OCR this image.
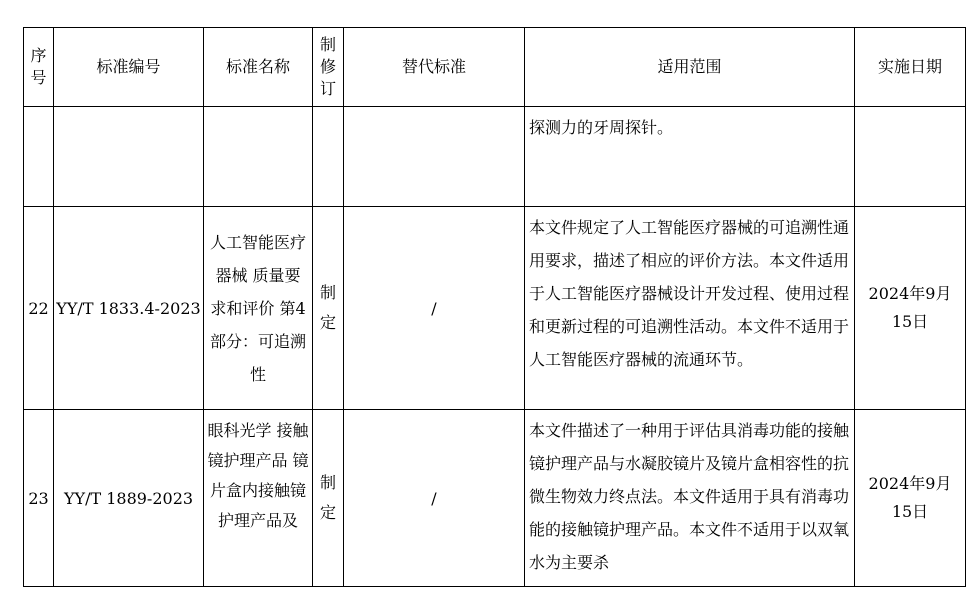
序号	标准编号	标准名称	制修订	替代标准	适用范围	实施日期
					探测力的牙周探针。	
22	YY/T 1833.4-2023	人工智能医疗器械 质量要求和评价 第4部分：可追溯性	制定	/	本文件规定了人工智能医疗器械的可追溯性通用要求，描述了相应的评价方法。本文件适用于人工智能医疗器械设计开发过程、使用过程和更新过程的可追溯性活动。本文件不适用于人工智能医疗器械的流通环节。	2024年9月15日
23	YY/T 1889-2023	眼科光学 接触镜护理产品 镜片盒内接触镜护理产品及	制定	/	本文件描述了一种用于评估具消毒功能的接触镜护理产品与水凝胶镜片及镜片盒相容性的抗微生物效力终点法。本文件适用于具有消毒功能的接触镜护理产品。本文件不适用于以双氧水为主要杀	2024年9月15日
